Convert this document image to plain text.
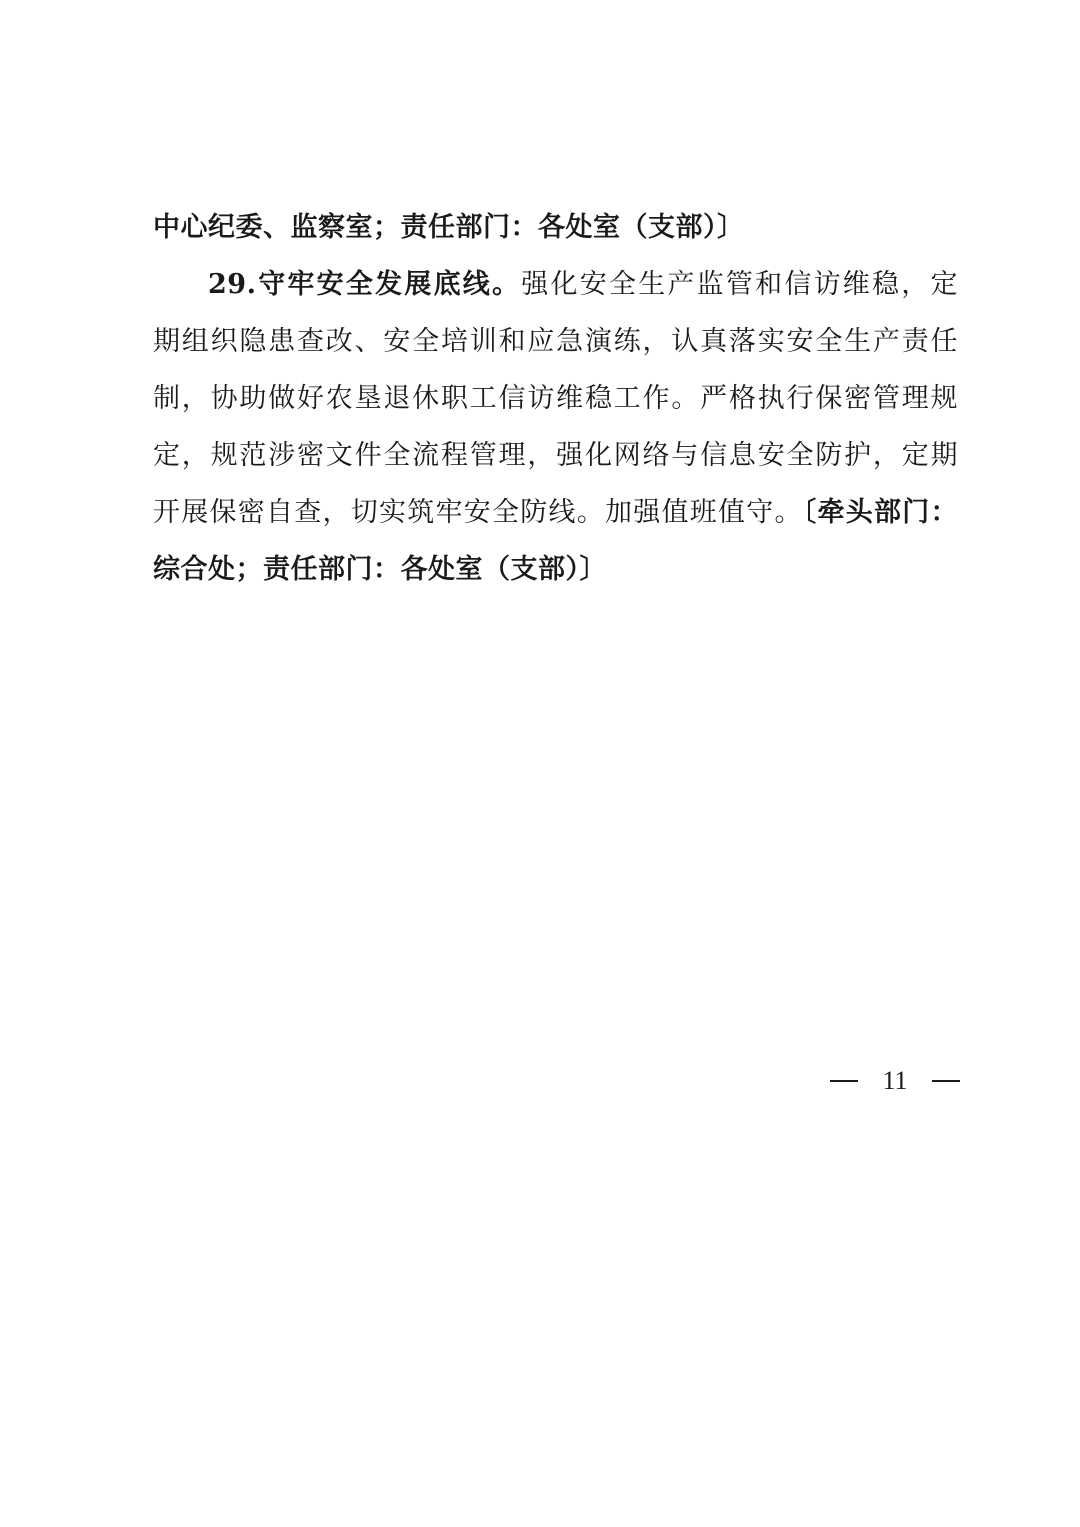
中心纪委、监察室；责任部门：各处室（支部）〕
29.守牢安全发展底线。强化安全生产监管和信访维稳，定
期组织隐患查改、安全培训和应急演练，认真落实安全生产责任
制，协助做好农垦退休职工信访维稳工作。严格执行保密管理规
定，规范涉密文件全流程管理，强化网络与信息安全防护，定期
开展保密自查，切实筑牢安全防线。加强值班值守。〔牵头部门：
综合处；责任部门：各处室（支部）〕
11
